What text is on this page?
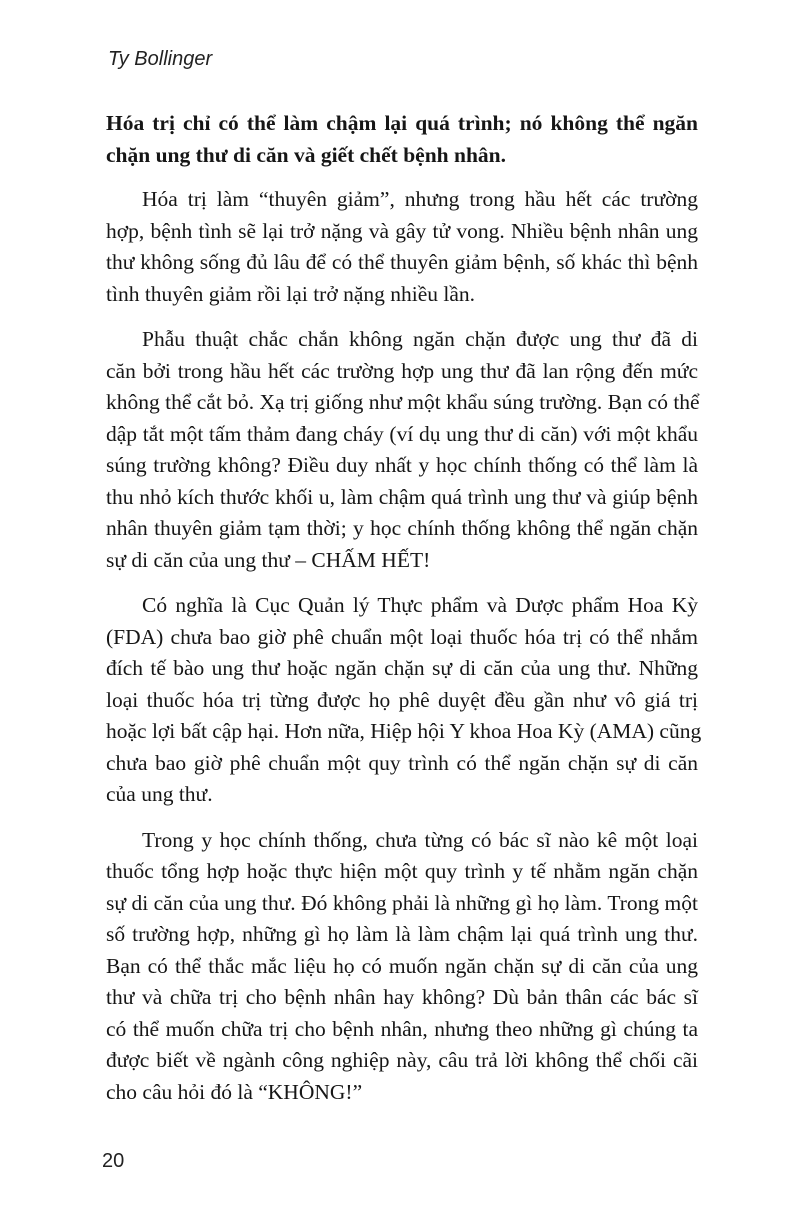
Ty Bollinger
Hóa trị chỉ có thể làm chậm lại quá trình; nó không thể ngăn
chặn ung thư di căn và giết chết bệnh nhân.
Hóa trị làm “thuyên giảm”, nhưng trong hầu hết các trường
hợp, bệnh tình sẽ lại trở nặng và gây tử vong. Nhiều bệnh nhân ung
thư không sống đủ lâu để có thể thuyên giảm bệnh, số khác thì bệnh
tình thuyên giảm rồi lại trở nặng nhiều lần.
Phẫu thuật chắc chắn không ngăn chặn được ung thư đã di
căn bởi trong hầu hết các trường hợp ung thư đã lan rộng đến mức
không thể cắt bỏ. Xạ trị giống như một khẩu súng trường. Bạn có thể
dập tắt một tấm thảm đang cháy (ví dụ ung thư di căn) với một khẩu
súng trường không? Điều duy nhất y học chính thống có thể làm là
thu nhỏ kích thước khối u, làm chậm quá trình ung thư và giúp bệnh
nhân thuyên giảm tạm thời; y học chính thống không thể ngăn chặn
sự di căn của ung thư – CHẤM HẾT!
Có nghĩa là Cục Quản lý Thực phẩm và Dược phẩm Hoa Kỳ
(FDA) chưa bao giờ phê chuẩn một loại thuốc hóa trị có thể nhắm
đích tế bào ung thư hoặc ngăn chặn sự di căn của ung thư. Những
loại thuốc hóa trị từng được họ phê duyệt đều gần như vô giá trị
hoặc lợi bất cập hại. Hơn nữa, Hiệp hội Y khoa Hoa Kỳ (AMA) cũng
chưa bao giờ phê chuẩn một quy trình có thể ngăn chặn sự di căn
của ung thư.
Trong y học chính thống, chưa từng có bác sĩ nào kê một loại
thuốc tổng hợp hoặc thực hiện một quy trình y tế nhằm ngăn chặn
sự di căn của ung thư. Đó không phải là những gì họ làm. Trong một
số trường hợp, những gì họ làm là làm chậm lại quá trình ung thư.
Bạn có thể thắc mắc liệu họ có muốn ngăn chặn sự di căn của ung
thư và chữa trị cho bệnh nhân hay không? Dù bản thân các bác sĩ
có thể muốn chữa trị cho bệnh nhân, nhưng theo những gì chúng ta
được biết về ngành công nghiệp này, câu trả lời không thể chối cãi
cho câu hỏi đó là “KHÔNG!”
20
